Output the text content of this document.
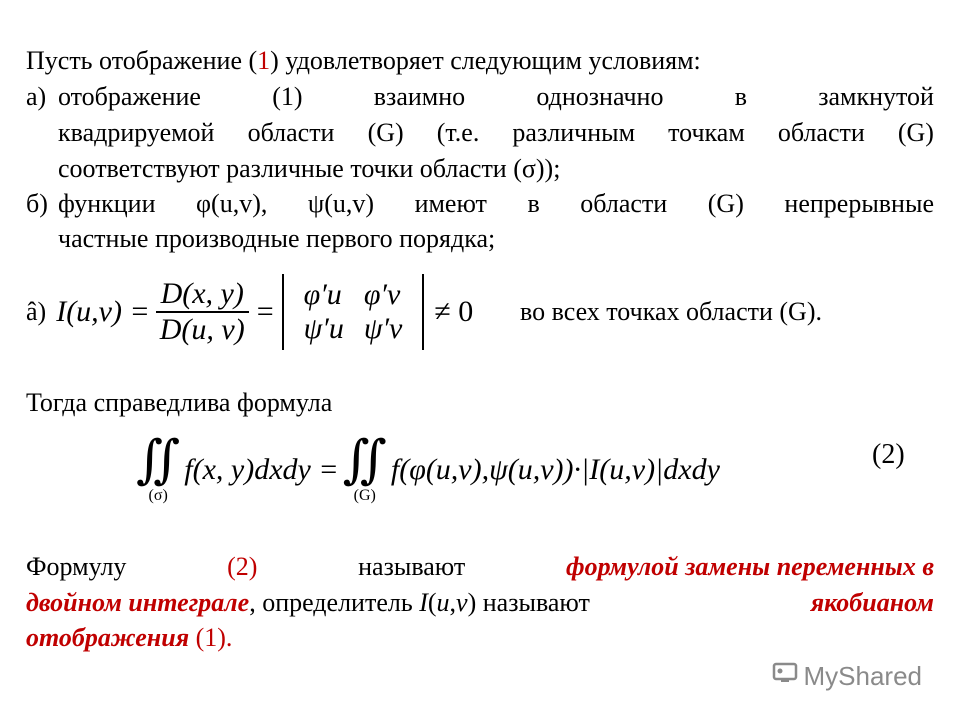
Пусть отображение (1) удовлетворяет следующим условиям:
а) отображение	(1)	взаимно	однозначно	в	замкнутой
квадрируемой области (G) (т.е. различным точкам области (G)
соответствуют различные точки области (σ));
б) функции φ(u,v), ψ(u,v) имеют в области (G) непрерывные
частные производные первого порядка;
â) $I(u,v) = \frac{D(x, y)}{D(u, v)}$ =
φ′u	φ′v
ψ′u	ψ′v
≠ 0 во всех точках области (G).
Тогда справедлива формула
∬
(σ)
f(x, y)dxdy = ∬
(G)
f(φ(u,v),ψ(u,v))·|I(u,v)|dxdy	(2)
Формулу	(2)	называют	формулой замены переменных в
двойном интеграле, определитель I(u,v) называют	якобианом
отображения (1).
MyShared
